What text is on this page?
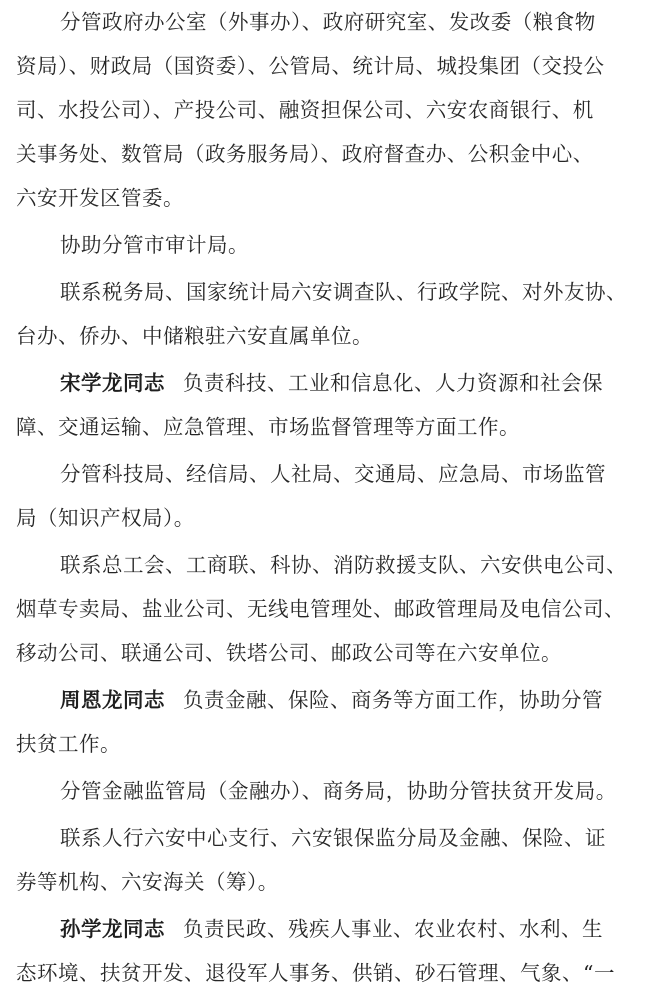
分管政府办公室（外事办）、政府研究室、发改委（粮食物
资局）、财政局（国资委）、公管局、统计局、城投集团（交投公
司、水投公司）、产投公司、融资担保公司、六安农商银行、机
关事务处、数管局（政务服务局）、政府督查办、公积金中心、
六安开发区管委。
协助分管市审计局。
联系税务局、国家统计局六安调查队、行政学院、对外友协、
台办、侨办、中储粮驻六安直属单位。
宋学龙同志 负责科技、工业和信息化、人力资源和社会保
障、交通运输、应急管理、市场监督管理等方面工作。
分管科技局、经信局、人社局、交通局、应急局、市场监管
局（知识产权局）。
联系总工会、工商联、科协、消防救援支队、六安供电公司、
烟草专卖局、盐业公司、无线电管理处、邮政管理局及电信公司、
移动公司、联通公司、铁塔公司、邮政公司等在六安单位。
周恩龙同志 负责金融、保险、商务等方面工作，协助分管
扶贫工作。
分管金融监管局（金融办）、商务局，协助分管扶贫开发局。
联系人行六安中心支行、六安银保监分局及金融、保险、证
券等机构、六安海关（筹）。
孙学龙同志 负责民政、残疾人事业、农业农村、水利、生
态环境、扶贫开发、退役军人事务、供销、砂石管理、气象、“一
